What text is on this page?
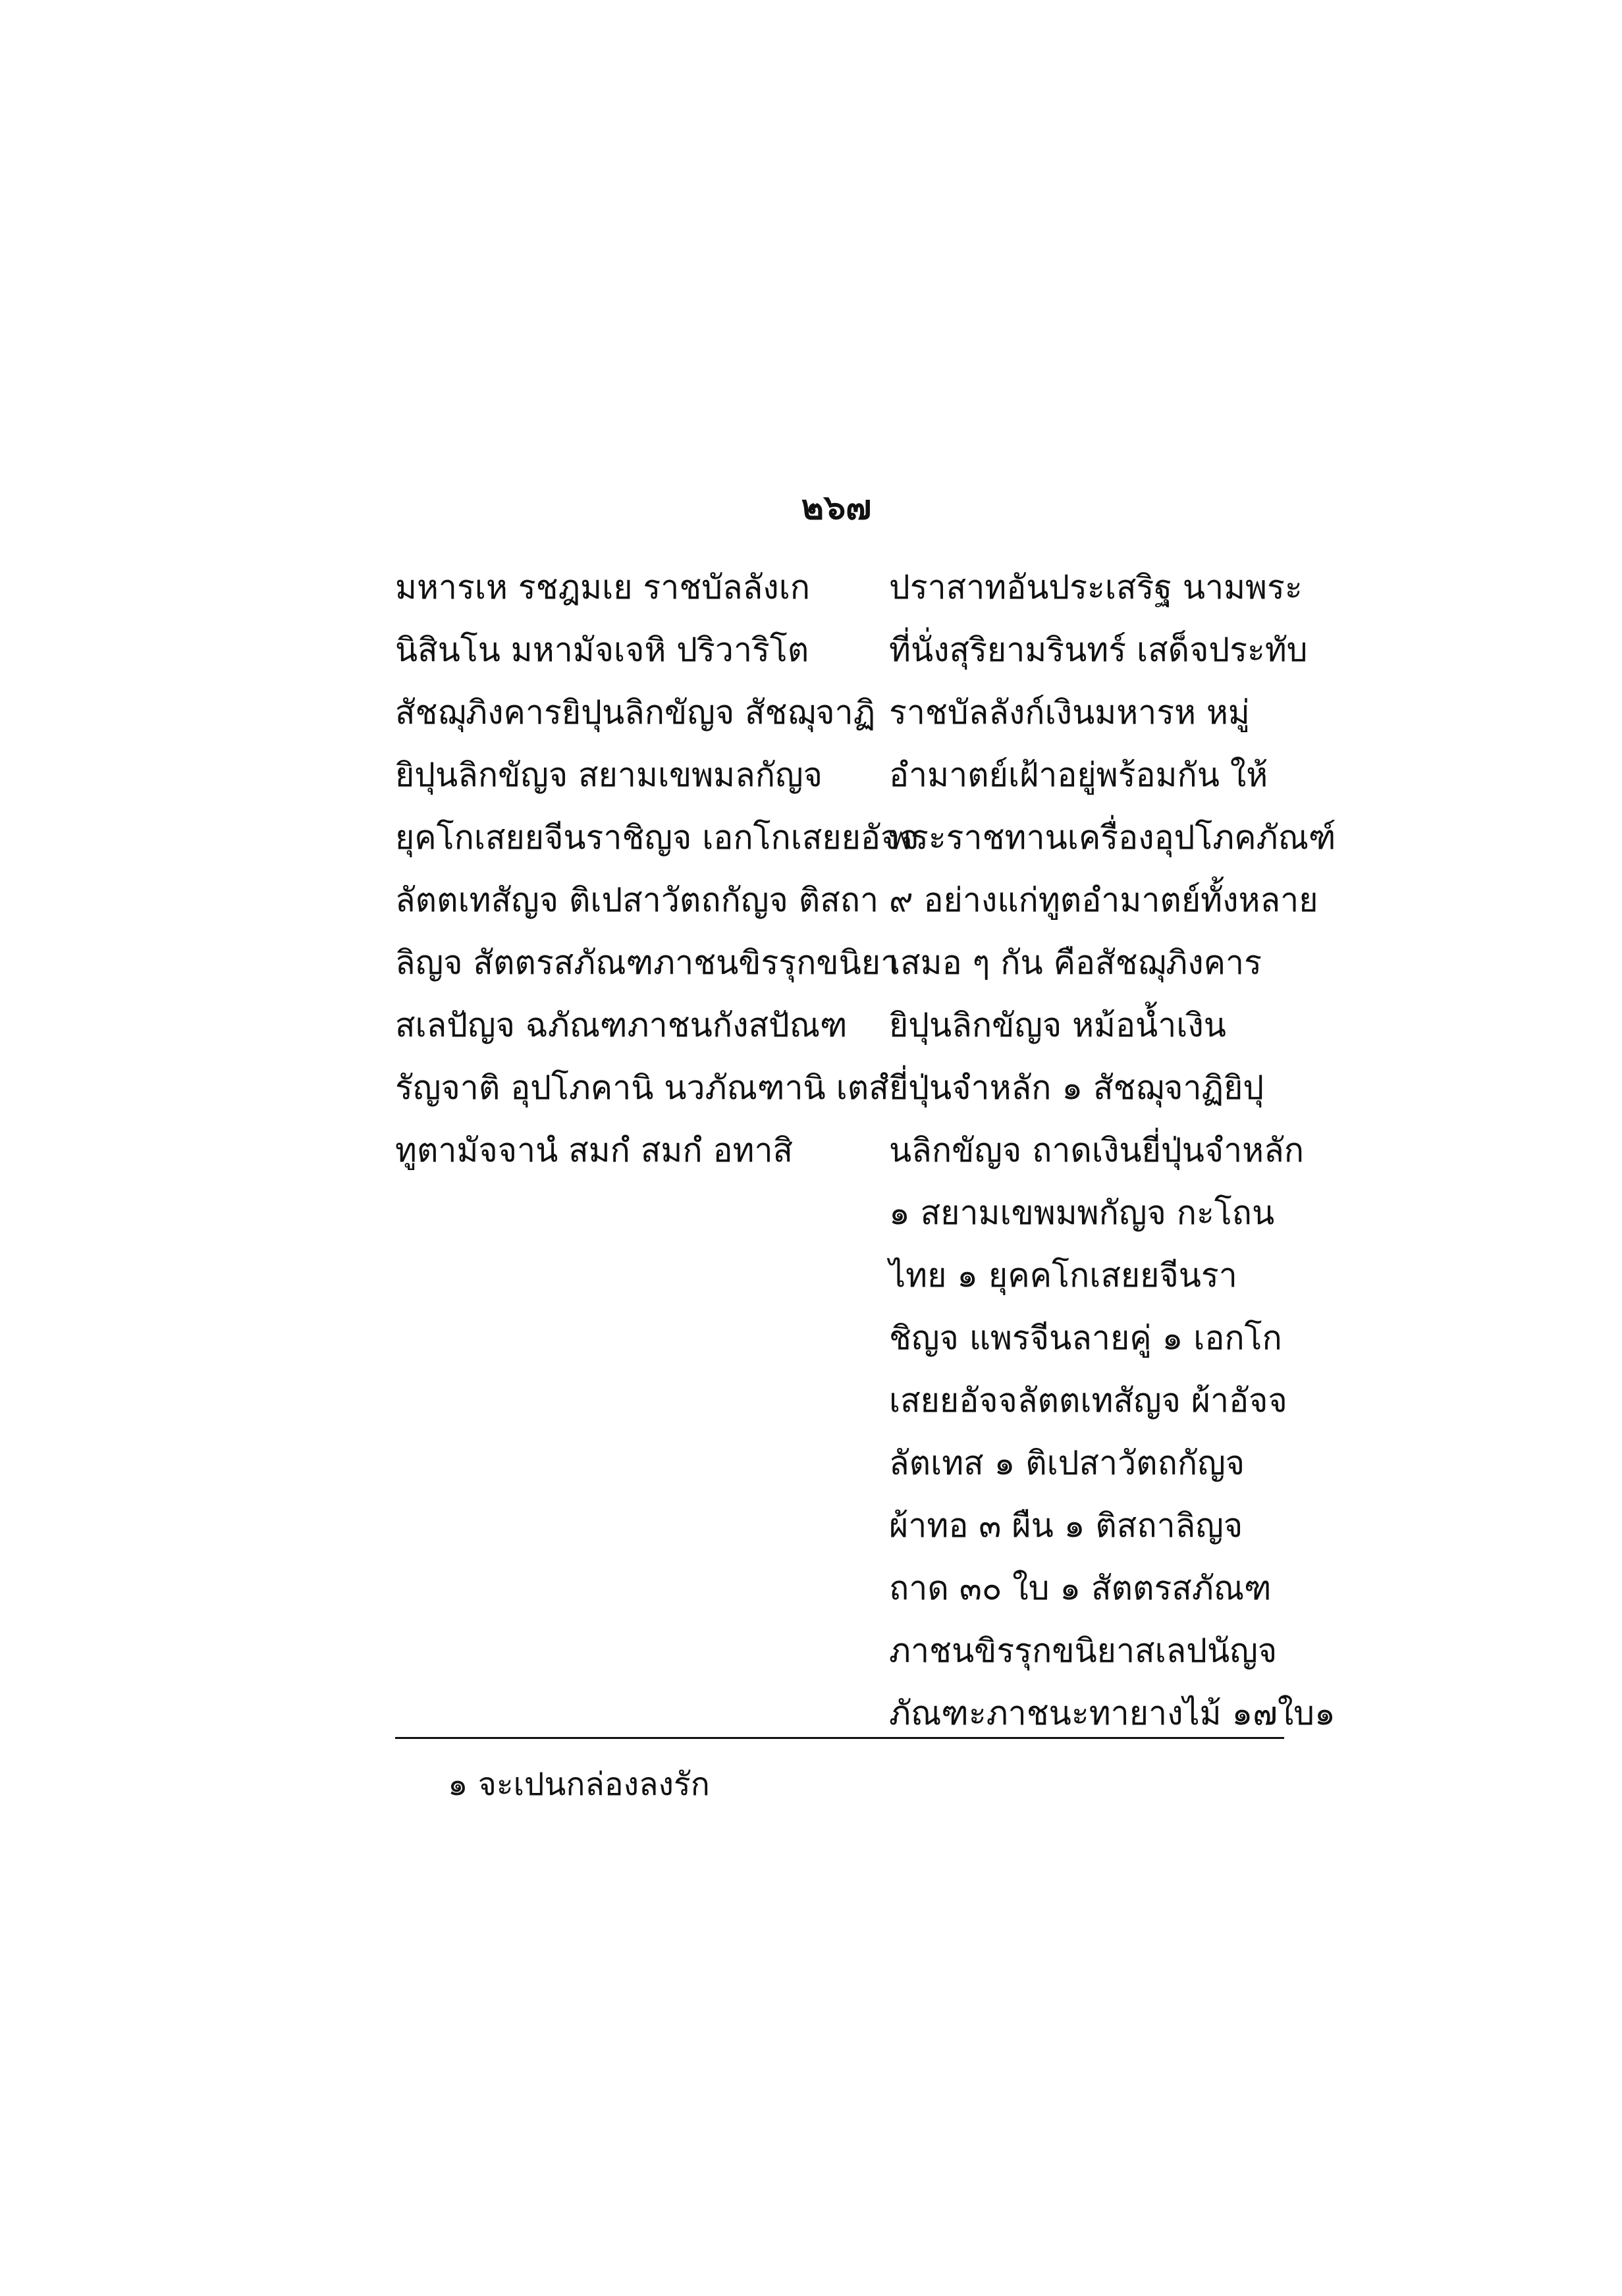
๒๖๗
มหารเห รชฎมเย ราชบัลลังเก
นิสินโน มหามัจเจหิ ปริวาริโต
สัชฌุภิงคารยิปุนลิกขัญจ สัชฌุจาฏิ
ยิปุนลิกขัญจ สยามเขพมลกัญจ
ยุคโกเสยยจีนราชิญจ เอกโกเสยยอัจจ
ลัตตเทสัญจ ติเปสาวัตถกัญจ ติสถา
ลิญจ สัตตรสภัณฑภาชนขิรรุกขนิยา
สเลปัญจ ฉภัณฑภาชนกังสปัณฑ
รัญจาติ อุปโภคานิ นวภัณฑานิ เตสํ
ทูตามัจจานํ สมกํ สมกํ อทาสิ
ปราสาทอันประเสริฐ นามพระ
ที่นั่งสุริยามรินทร์ เสด็จประทับ
ราชบัลลังก์เงินมหารห หมู่
อำมาตย์เฝ้าอยู่พร้อมกัน ให้
พระราชทานเครื่องอุปโภคภัณฑ์
๙ อย่างแก่ทูตอำมาตย์ทั้งหลาย
เสมอ ๆ กัน คือสัชฌุภิงคาร
ยิปุนลิกขัญจ หม้อน้ำเงิน
ยี่ปุ่นจำหลัก ๑ สัชฌุจาฏิยิปุ
นลิกขัญจ ถาดเงินยี่ปุ่นจำหลัก
๑ สยามเขพมพกัญจ กะโถน
ไทย ๑ ยุคคโกเสยยจีนรา
ชิญจ แพรจีนลายคู่ ๑ เอกโก
เสยยอัจจลัตตเทสัญจ ผ้าอัจจ
ลัตเทส ๑ ติเปสาวัตถกัญจ
ผ้าทอ ๓ ผืน ๑ ติสถาลิญจ
ถาด ๓๐ ใบ ๑ สัตตรสภัณฑ
ภาชนขิรรุกขนิยาสเลปนัญจ
ภัณฑะภาชนะทายางไม้ ๑๗ใบ๑
๑ จะเปนกล่องลงรัก
